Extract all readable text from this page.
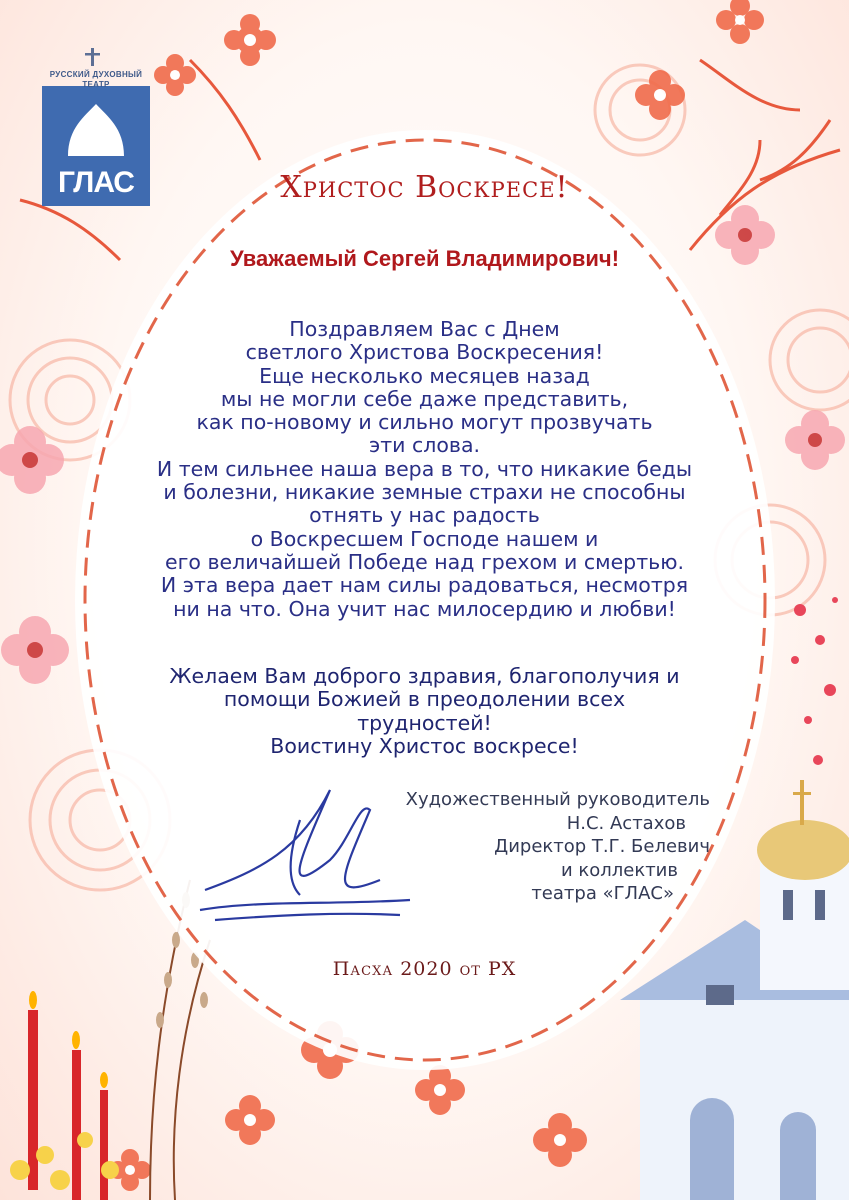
РУССКИЙ ДУХОВНЫЙ
ТЕАТР
ГЛАС	Христос Воскресе!
Уважаемый Сергей Владимирович!
Поздравляем Вас с Днем
светлого Христова Воскресения!
Еще несколько месяцев назад
мы не могли себе даже представить,
как по-новому и сильно могут прозвучать
эти слова.
И тем сильнее наша вера в то, что никакие беды
и болезни, никакие земные страхи не способны
отнять у нас радость
о Воскресшем Господе нашем и
его величайшей Победе над грехом и смертью.
И эта вера дает нам силы радоваться, несмотря
ни на что. Она учит нас милосердию и любви!
Желаем Вам доброго здравия, благополучия и
помощи Божией в преодолении всех
трудностей!
Воистину Христос воскресе!
Художественный руководитель
Н.С. Астахов
Директор Т.Г. Белевич
и коллектив
театра «ГЛАС»
Пасха 2020 от РХ
